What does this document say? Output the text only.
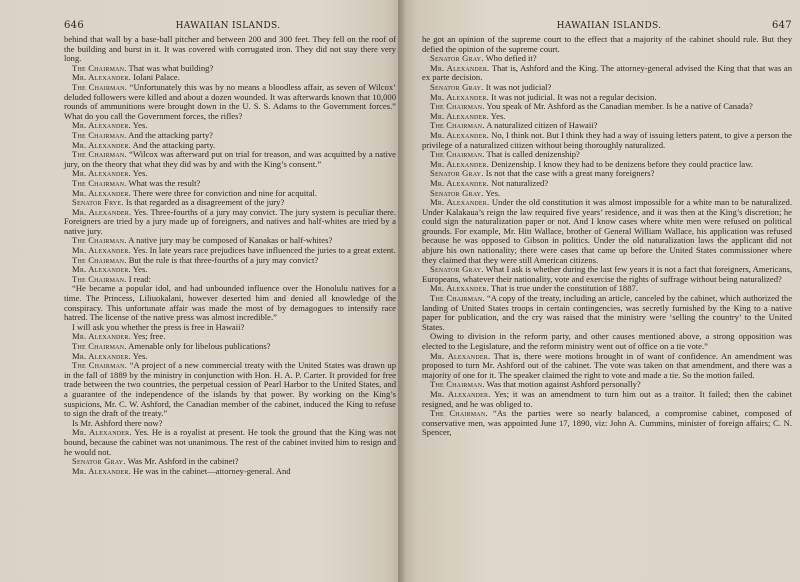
646	HAWAIIAN ISLANDS.

behind that wall by a base-ball pitcher and between 200 and 300 feet. They fell on the roof of the building and burst in it. It was covered with corrugated iron. They did not stay there very long.

The Chairman. That was what building?

Mr. Alexander. Iolani Palace.

The Chairman. “Unfortunately this was by no means a bloodless affair, as seven of Wilcox’ deluded followers were killed and about a dozen wounded. It was afterwards known that 10,000 rounds of ammunitions were brought down in the U. S. S. Adams to the Government forces.” What do you call the Government forces, the rifles?

Mr. Alexander. Yes.

The Chairman. And the attacking party?

Mr. Alexander. And the attacking party.

The Chairman. “Wilcox was afterward put on trial for treason, and was acquitted by a native jury, on the theory that what they did was by and with the King’s consent.”

Mr. Alexander. Yes.

The Chairman. What was the result?

Mr. Alexander. There were three for conviction and nine for acquital.

Senator Frye. Is that regarded as a disagreement of the jury?

Mr. Alexander. Yes. Three-fourths of a jury may convict. The jury system is peculiar there. Foreigners are tried by a jury made up of foreigners, and natives and half-whites are tried by a native jury.

The Chairman. A native jury may be composed of Kanakas or half-whites?

Mr. Alexander. Yes. In late years race prejudices have influenced the juries to a great extent.

The Chairman. But the rule is that three-fourths of a jury may convict?

Mr. Alexander. Yes.

The Chairman. I read:

“He became a popular idol, and had unbounded influence over the Honolulu natives for a time. The Princess, Liliuokalani, however deserted him and denied all knowledge of the conspiracy. This unfortunate affair was made the most of by demagogues to intensify race hatred. The license of the native press was almost incredible.”

I will ask you whether the press is free in Hawaii?

Mr. Alexander. Yes; free.

The Chairman. Amenable only for libelous publications?

Mr. Alexander. Yes.

The Chairman. “A project of a new commercial treaty with the United States was drawn up in the fall of 1889 by the ministry in conjunction with Hon. H. A. P. Carter. It provided for free trade between the two countries, the perpetual cession of Pearl Harbor to the United States, and a guarantee of the independence of the islands by that power. By working on the King’s suspicions, Mr. C. W. Ashford, the Canadian member of the cabinet, induced the King to refuse to sign the draft of the treaty.”

Is Mr. Ashford there now?

Mr. Alexander. Yes. He is a royalist at present. He took the ground that the King was not bound, because the cabinet was not unanimous. The rest of the cabinet invited him to resign and he would not.

Senator Gray. Was Mr. Ashford in the cabinet?

Mr. Alexander. He was in the cabinet—attorney-general. And

HAWAIIAN ISLANDS.	647

he got an opinion of the supreme court to the effect that a majority of the cabinet should rule. But they defied the opinion of the supreme court.

Senator Gray. Who defied it?

Mr. Alexander. That is, Ashford and the King. The attorney-general advised the King that that was an ex parte decision.

Senator Gray. It was not judicial?

Mr. Alexander. It was not judicial. It was not a regular decision.

The Chairman. You speak of Mr. Ashford as the Canadian member. Is he a native of Canada?

Mr. Alexander. Yes.

The Chairman. A naturalized citizen of Hawaii?

Mr. Alexander. No, I think not. But I think they had a way of issuing letters patent, to give a person the privilege of a naturalized citizen without being thoroughly naturalized.

The Chairman. That is called denizenship?

Mr. Alexander. Denizenship. I know they had to be denizens before they could practice law.

Senator Gray. Is not that the case with a great many foreigners?

Mr. Alexander. Not naturalized?

Senator Gray. Yes.

Mr. Alexander. Under the old constitution it was almost impossible for a white man to be naturalized. Under Kalakaua’s reign the law required five years’ residence, and it was then at the King’s discretion; he could sign the naturalization paper or not. And I know cases where white men were refused on political grounds. For example, Mr. Hitt Wallace, brother of General William Wallace, his application was refused because he was opposed to Gibson in politics. Under the old naturalization laws the applicant did not abjure his own nationality; there were cases that came up before the United States commissioner where they claimed that they were still American citizens.

Senator Gray. What I ask is whether during the last few years it is not a fact that foreigners, Americans, Europeans, whatever their nationality, vote and exercise the rights of suffrage without being naturalized?

Mr. Alexander. That is true under the constitution of 1887.

The Chairman. “A copy of the treaty, including an article, canceled by the cabinet, which authorized the landing of United States troops in certain contingencies, was secretly furnished by the King to a native paper for publication, and the cry was raised that the ministry were ‘selling the country’ to the United States.

Owing to division in the reform party, and other causes mentioned above, a strong opposition was elected to the Legislature, and the reform ministry went out of office on a tie vote.”

Mr. Alexander. That is, there were motions brought in of want of confidence. An amendment was proposed to turn Mr. Ashford out of the cabinet. The vote was taken on that amendment, and there was a majority of one for it. The speaker claimed the right to vote and made a tie. So the motion failed.

The Chairman. Was that motion against Ashford personally?

Mr. Alexander. Yes; it was an amendment to turn him out as a traitor. It failed; then the cabinet resigned, and he was obliged to.

The Chairman. “As the parties were so nearly balanced, a compromise cabinet, composed of conservative men, was appointed June 17, 1890, viz: John A. Cummins, minister of foreign affairs; C. N. Spencer,
